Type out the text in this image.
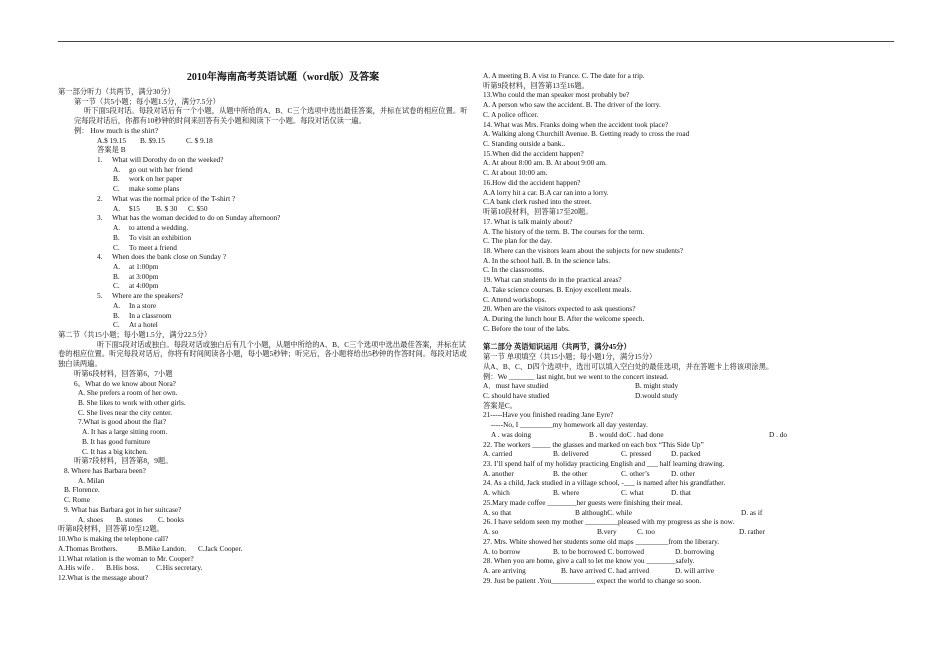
2010年海南高考英语试题（word版）及答案
第一部分听力（共两节，满分30分）
第一节（共5小题；每小题1.5分，满分7.5分）
听下面5段对话。每段对话后有一个小题，从题中所给的A、B、C三个选项中选出最佳答案，并标在试卷的相应位置。听完每段对话后，你都有10秒钟的时间来回答有关小题和阅读下一小题。每段对话仅读一遍。
例： How much is the shirt?
A.$ 19.15 B. $9.15	C. $ 9.18
答案是 B
1. What will Dorothy do on the weeked?
A. go out with her friend
B. work on her paper
C. make some plans
2. What was the normal price of the T-shirt ?
A. $15 B. $ 30 C. $50
3. What has the woman decided to do on Sunday afternoon?
A. to attend a wedding.
B. To visit an exhibition
C. To meet a friend
4. When does the bank close on Sunday ?
A. at 1:00pm
B. at 3:00pm
C. at 4:00pm
5. Where are the speakers?
A. In a store
B. In a classroom
C. At a hotel
第二节（共15小题；每小题1.5分，满分22.5分）
听下面5段对话或独白。每段对话或独白后有几个小题，从题中所给的A、B、C三个选项中选出最佳答案，并标在试卷的相应位置。听完每段对话后，你将有时间阅读各小题，每小题5秒钟；听完后，各小题将给出5秒钟的作答时间。每段对话或独白读两遍。
听第6段材料，回答第6，7小题
6。What do we know about Nora?
A. She prefers a room of her own.
B. She likes to work with other girls.
C. She lives near the city center.
7.What is good about the flat?
A. It has a large sitting room.
B. It has good furniture
C. It has a big kitchen.
听第7段材料，回答第8，9题。
8. Where has Barbara been?
A. Milan
B. Florence.
C. Rome
9. What has Barbara got in her suitcase?
A. shoes B. stones C. books
听第8段材料，回答第10至12题。
10.Who is making the telephone call?
A.Thomas Brothers.	B.Mike Landon. C.Jack Cooper.
11.What relation is the woman to Mr. Cooper?
A.His wife . B.His boss. C.His secretary.
12.What is the message about?
A. A meeting B. A vist to France. C. The date for a trip.
听第9段材料，回答第13至16题。
13.Who could the man speaker most probably be?
A. A person who saw the accident. B. The driver of the lorry.
C. A police officer.
14. What was Mrs. Franks doing when the accident took place?
A. Walking along Churchill Avenue. B. Getting ready to cross the road
C. Standing outside a bank..
15.When did the accident happen?
A. At about 8:00 am. B. At about 9:00 am.
C. At about 10:00 am.
16.How did the accident happen?
A.A lorry hit a car. B.A car ran into a lorry.
C.A bank clerk rushed into the street.
听第10段材料，回答第17至20题。
17. What is talk mainly about?
A. The history of the term. B. The courses for the term.
C. The plan for the day.
18. Where can the visitors learn about the subjects for new students?
A. In the school hall. B. In the science labs.
C. In the classrooms.
19. What can students do in the practical areas?
A. Take science courses. B. Enjoy excellent meals.
C. Attend workshops.
20. When are the visitors expected to ask questions?
A. During the lunch hour B. After the welcome speech.
C. Before the tour of the labs.
第二部分 英语知识运用（共两节，满分45分）
第一节 单项填空（共15小题；每小题1分，满分15分）
从A、B、C、D四个选项中，选出可以填入空白处的最佳选项，并在答题卡上将该项涂黑。
例：We _______ last night, but we went to the concert instead.
A．must have studied	B. might study
C. should have studied	D.would study
答案是C。
21-----Have you finished reading Jane Eyre?
-----No, I _________my homework all day yesterday.
A . was doing	B . would doC . had done	D . do
22. The workers _____ the glasses and marked on each box “This Side Up”
A. carried	B. delivered	C. pressed	D. packed
23. I’ll spend half of my holiday practicing English and ___ half learning drawing.
A. another	B. the other	C. other’s	D. other
24. As a child, Jack studied in a village school, -___ is named after his grandfather.
A. which	B. where	C. what	D. that
25.Mary made coffee ________her guests were finishing their meal.
A. so that	B althoughC. while	D. as if
26. I have seldom seen my mother _________pleased with my progress as she is now.
A. so	B.very	C. too	D. rather
27. Mrs. White showed her students some old maps _________from the liberary.
A. to borrow	B. to be borrowed C. borrowed	D. borrowing
28. When you are home, give a call to let me know you ________safely.
A. are arriving	B. have arrived C. had arrived	D. will arrive
29. Just be patient .You____________ expect the world to change so soon.
